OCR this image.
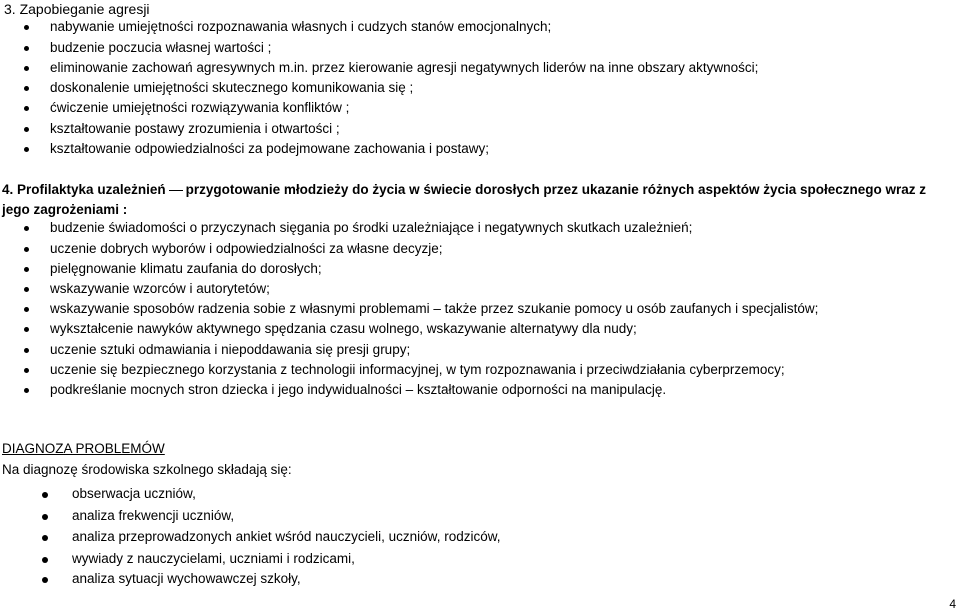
3. Zapobieganie agresji
nabywanie umiejętności rozpoznawania własnych i cudzych stanów emocjonalnych;
budzenie poczucia własnej wartości ;
eliminowanie zachowań agresywnych m.in. przez kierowanie agresji negatywnych liderów na inne obszary aktywności;
doskonalenie umiejętności skutecznego komunikowania się ;
ćwiczenie umiejętności rozwiązywania konfliktów ;
kształtowanie postawy zrozumienia i otwartości ;
kształtowanie odpowiedzialności za podejmowane zachowania i postawy;
4. Profilaktyka uzależnień przygotowanie młodzieży do życia w świecie dorosłych przez ukazanie różnych aspektów życia społecznego wraz z jego zagrożeniami :
budzenie świadomości o przyczynach sięgania po środki uzależniające i negatywnych skutkach uzależnień;
uczenie dobrych wyborów i odpowiedzialności za własne decyzje;
pielęgnowanie klimatu zaufania do dorosłych;
wskazywanie wzorców i autorytetów;
wskazywanie sposobów radzenia sobie z własnymi problemami – także przez szukanie pomocy u osób zaufanych i specjalistów;
wykształcenie nawyków aktywnego spędzania czasu wolnego, wskazywanie alternatywy dla nudy;
uczenie sztuki odmawiania i niepoddawania się presji grupy;
uczenie się bezpiecznego korzystania z technologii informacyjnej, w tym rozpoznawania i przeciwdziałania cyberprzemocy;
podkreślanie mocnych stron dziecka i jego indywidualności – kształtowanie odporności na manipulację.
DIAGNOZA PROBLEMÓW
Na diagnozę środowiska szkolnego składają się:
obserwacja uczniów,
analiza frekwencji uczniów,
analiza przeprowadzonych ankiet wśród nauczycieli, uczniów, rodziców,
wywiady z nauczycielami, uczniami i rodzicami,
analiza sytuacji wychowawczej szkoły,
4
